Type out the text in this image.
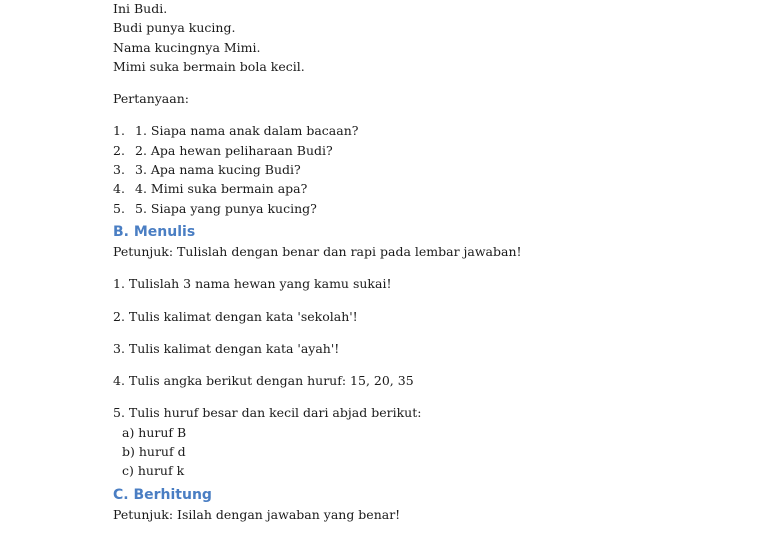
Ini Budi.
Budi punya kucing.
Nama kucingnya Mimi.
Mimi suka bermain bola kecil.
Pertanyaan:
1. 1. Siapa nama anak dalam bacaan?
2. 2. Apa hewan peliharaan Budi?
3. 3. Apa nama kucing Budi?
4. 4. Mimi suka bermain apa?
5. 5. Siapa yang punya kucing?
B. Menulis
Petunjuk: Tulislah dengan benar dan rapi pada lembar jawaban!
1. Tulislah 3 nama hewan yang kamu sukai!
2. Tulis kalimat dengan kata 'sekolah'!
3. Tulis kalimat dengan kata 'ayah'!
4. Tulis angka berikut dengan huruf: 15, 20, 35
5. Tulis huruf besar dan kecil dari abjad berikut:
a) huruf B
b) huruf d
c) huruf k
C. Berhitung
Petunjuk: Isilah dengan jawaban yang benar!
